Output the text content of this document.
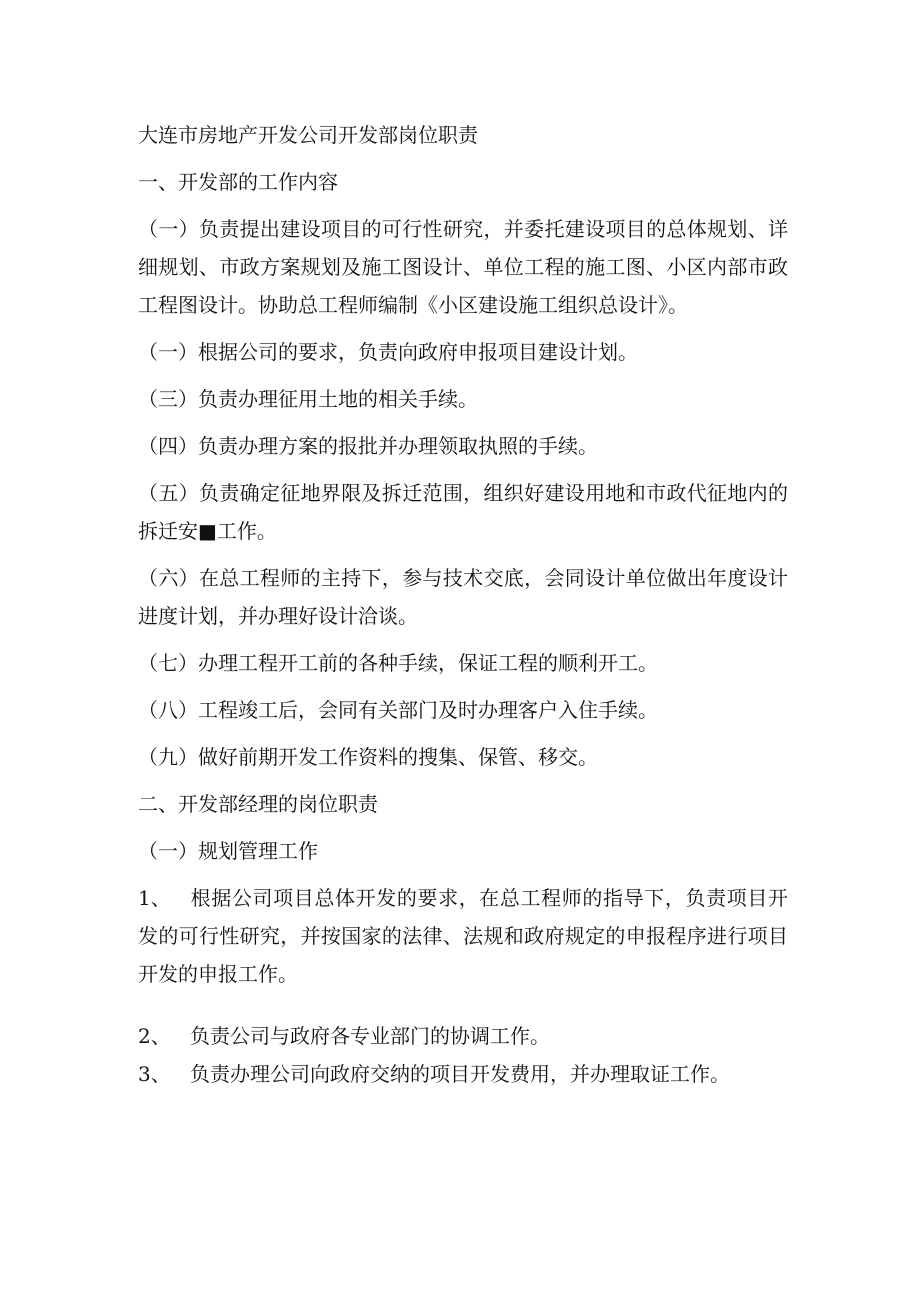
大连市房地产开发公司开发部岗位职责

一、开发部的工作内容

（一）负责提出建设项目的可行性研究，并委托建设项目的总体规划、详细规划、市政方案规划及施工图设计、单位工程的施工图、小区内部市政工程图设计。协助总工程师编制《小区建设施工组织总设计》。

（一）根据公司的要求，负责向政府申报项目建设计划。

（三）负责办理征用土地的相关手续。

（四）负责办理方案的报批并办理领取执照的手续。

（五）负责确定征地界限及拆迁范围，组织好建设用地和市政代征地内的拆迁安■工作。

（六）在总工程师的主持下，参与技术交底，会同设计单位做出年度设计进度计划，并办理好设计洽谈。

（七）办理工程开工前的各种手续，保证工程的顺利开工。

（八）工程竣工后，会同有关部门及时办理客户入住手续。

（九）做好前期开发工作资料的搜集、保管、移交。

二、开发部经理的岗位职责

（一）规划管理工作

1、 根据公司项目总体开发的要求，在总工程师的指导下，负责项目开发的可行性研究，并按国家的法律、法规和政府规定的申报程序进行项目开发的申报工作。

2、 负责公司与政府各专业部门的协调工作。

3、 负责办理公司向政府交纳的项目开发费用，并办理取证工作。
